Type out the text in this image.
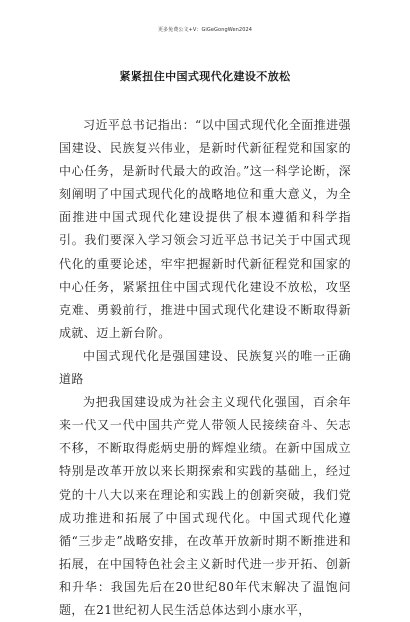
更多免费公文+V：GiGeGongWen2024
紧紧扭住中国式现代化建设不放松

习近平总书记指出：“以中国式现代化全面推进强国建设、民族复兴伟业，是新时代新征程党和国家的中心任务，是新时代最大的政治。”这一科学论断，深刻阐明了中国式现代化的战略地位和重大意义，为全面推进中国式现代化建设提供了根本遵循和科学指引。我们要深入学习领会习近平总书记关于中国式现代化的重要论述，牢牢把握新时代新征程党和国家的中心任务，紧紧扭住中国式现代化建设不放松，攻坚克难、勇毅前行，推进中国式现代化建设不断取得新成就、迈上新台阶。

中国式现代化是强国建设、民族复兴的唯一正确道路

为把我国建设成为社会主义现代化强国，百余年来一代又一代中国共产党人带领人民接续奋斗、矢志不移，不断取得彪炳史册的辉煌业绩。在新中国成立特别是改革开放以来长期探索和实践的基础上，经过党的十八大以来在理论和实践上的创新突破，我们党成功推进和拓展了中国式现代化。中国式现代化遵循“三步走”战略安排，在改革开放新时期不断推进和拓展，在中国特色社会主义新时代进一步开拓、创新和升华：我国先后在20世纪80年代末解决了温饱问题，在21世纪初人民生活总体达到小康水平，
